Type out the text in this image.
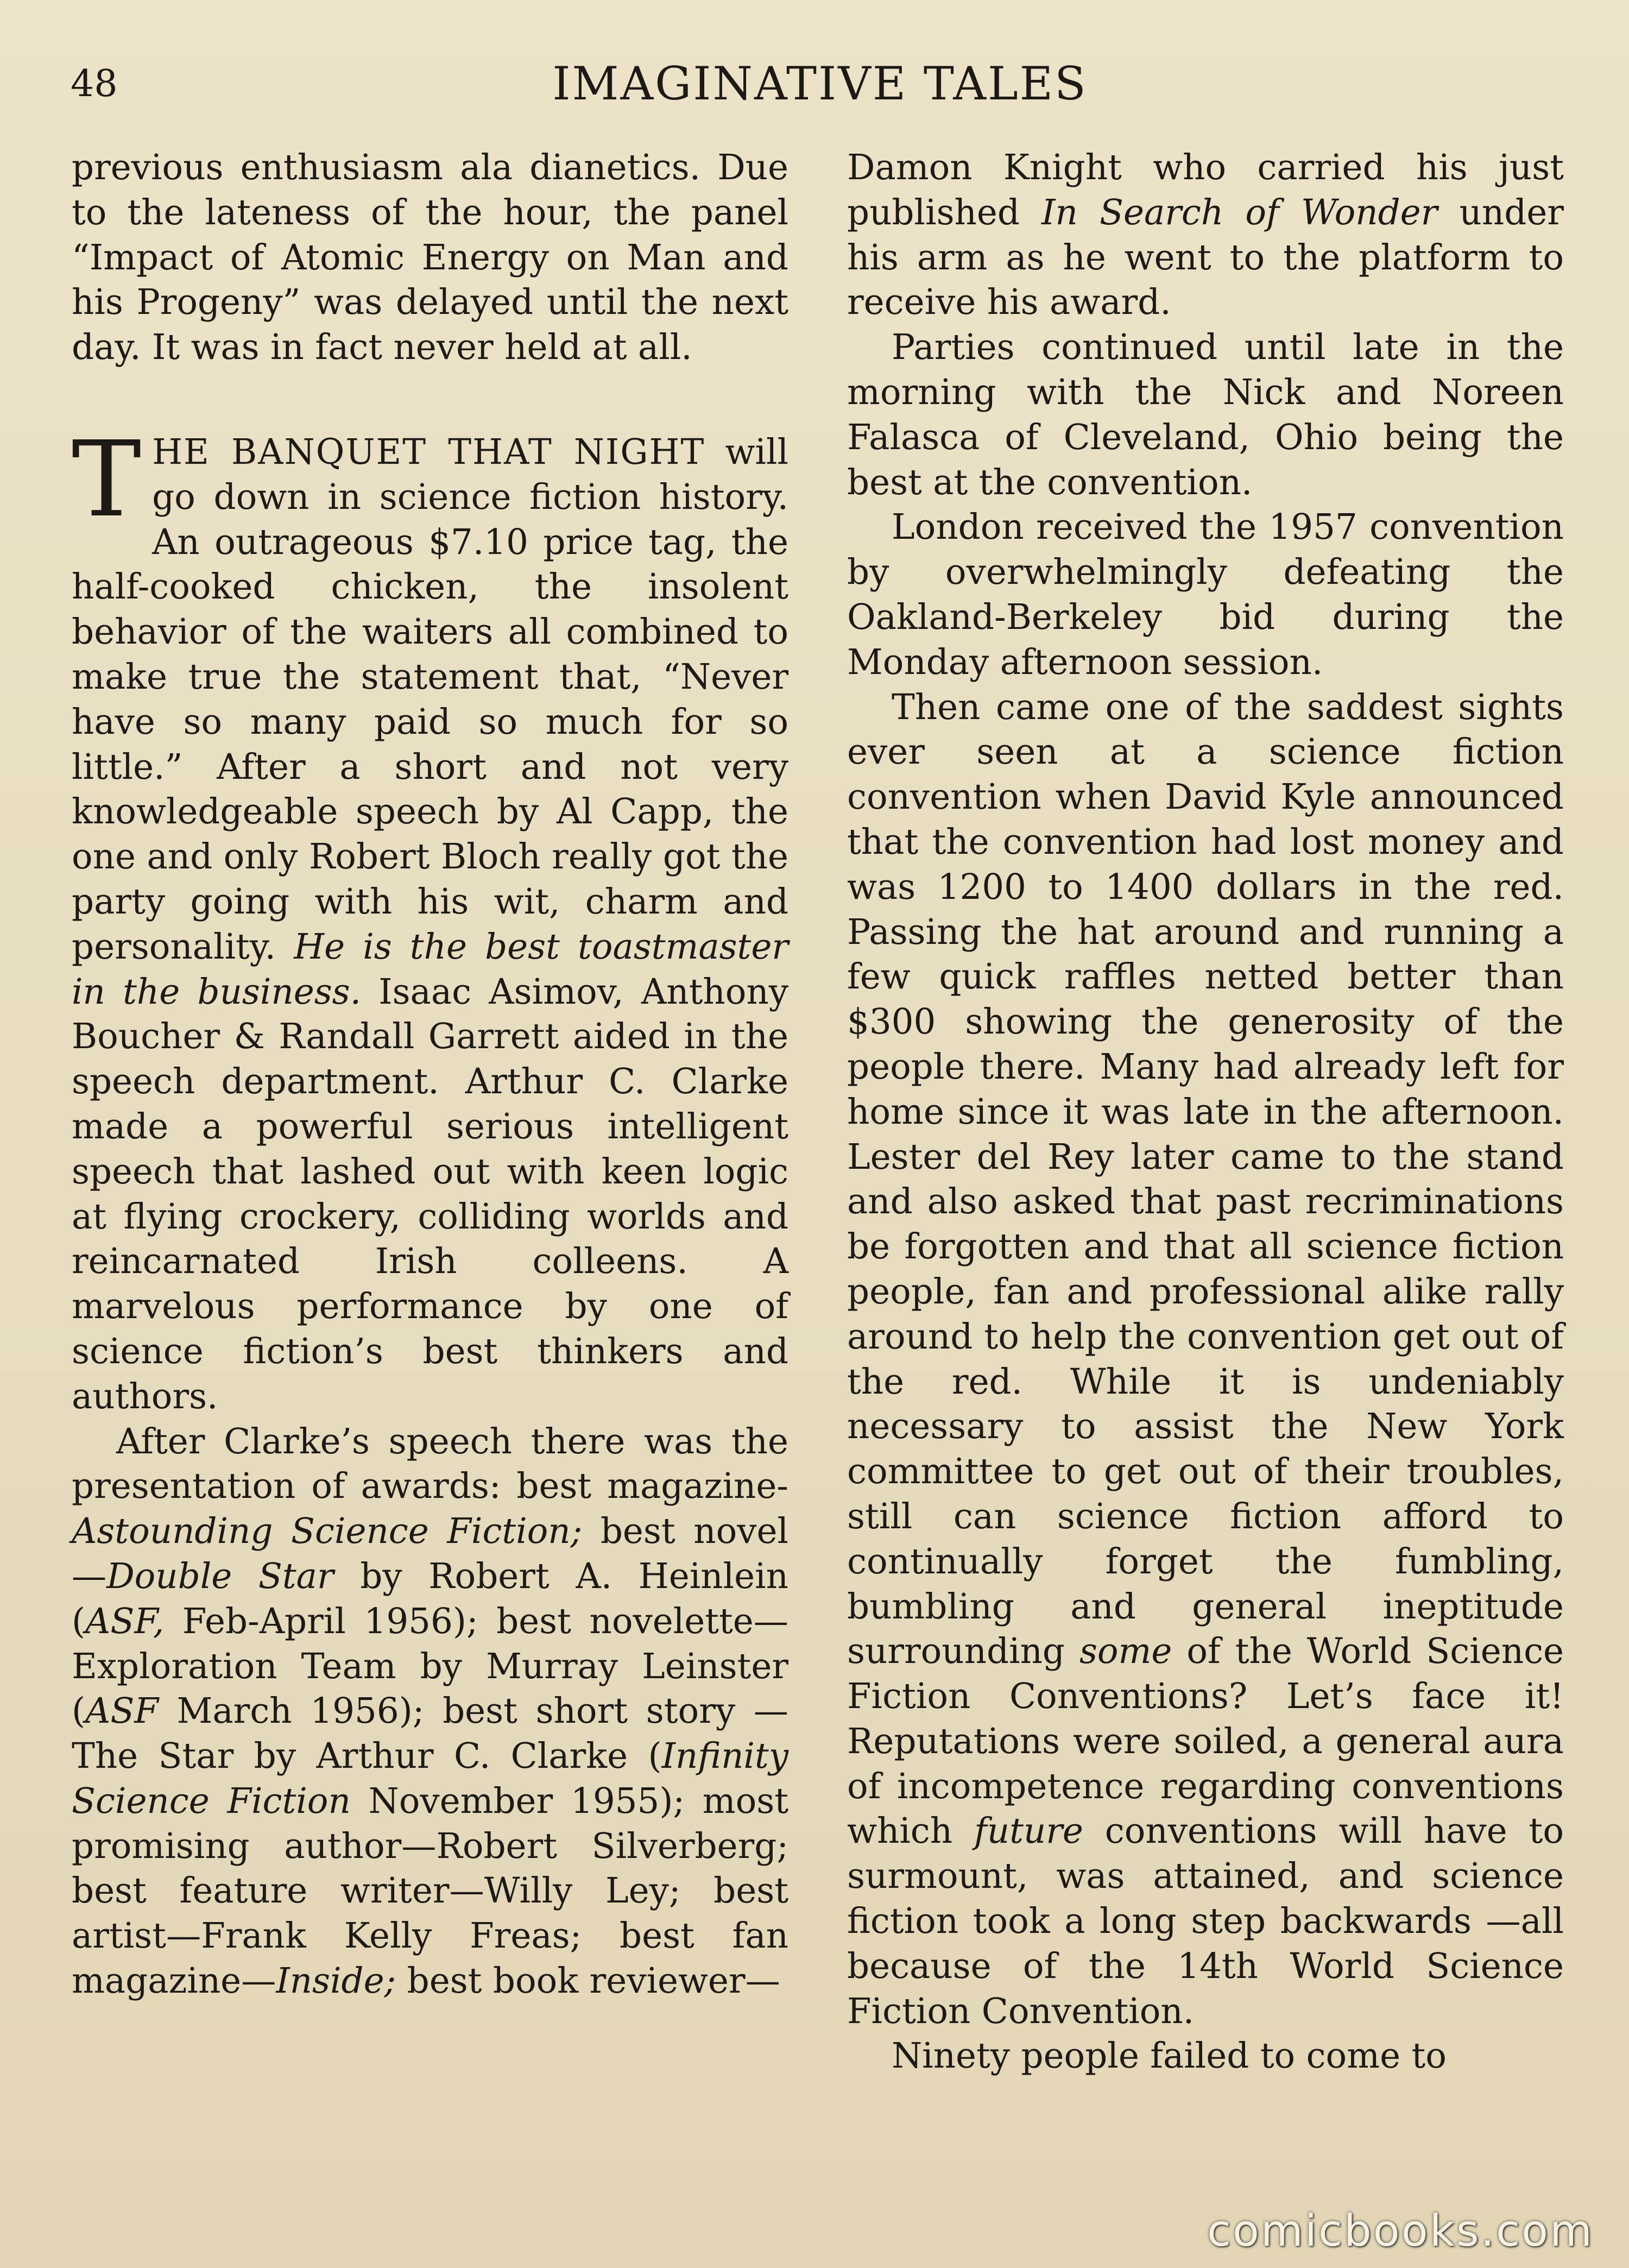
48	IMAGINATIVE TALES

previous enthusiasm ala dianetics. Due to the lateness of the hour, the panel “Impact of Atomic Energy on Man and his Progeny” was delayed until the next day. It was in fact never held at all.

THE BANQUET THAT NIGHT will go down in science fiction history. An outrageous $7.10 price tag, the half-cooked chicken, the insolent behavior of the waiters all combined to make true the statement that, “Never have so many paid so much for so little.” After a short and not very knowledgeable speech by Al Capp, the one and only Robert Bloch really got the party going with his wit, charm and personality. He is the best toastmaster in the business. Isaac Asimov, Anthony Boucher & Randall Garrett aided in the speech department. Arthur C. Clarke made a powerful serious intelligent speech that lashed out with keen logic at flying crockery, colliding worlds and reincarnated Irish colleens. A marvelous performance by one of science fiction’s best thinkers and authors.

After Clarke’s speech there was the presentation of awards: best magazine-Astounding Science Fiction; best novel—Double Star by Robert A. Heinlein (ASF, Feb-April 1956); best novelette—Exploration Team by Murray Leinster (ASF March 1956); best short story —The Star by Arthur C. Clarke (Infinity Science Fiction November 1955); most promising author—Robert Silverberg; best feature writer—Willy Ley; best artist—Frank Kelly Freas; best fan magazine—Inside; best book reviewer—

Damon Knight who carried his just published In Search of Wonder under his arm as he went to the platform to receive his award.

Parties continued until late in the morning with the Nick and Noreen Falasca of Cleveland, Ohio being the best at the convention.

London received the 1957 convention by overwhelmingly defeating the Oakland-Berkeley bid during the Monday afternoon session.

Then came one of the saddest sights ever seen at a science fiction convention when David Kyle announced that the convention had lost money and was 1200 to 1400 dollars in the red. Passing the hat around and running a few quick raffles netted better than $300 showing the generosity of the people there. Many had already left for home since it was late in the afternoon. Lester del Rey later came to the stand and also asked that past recriminations be forgotten and that all science fiction people, fan and professional alike rally around to help the convention get out of the red. While it is undeniably necessary to assist the New York committee to get out of their troubles, still can science fiction afford to continually forget the fumbling, bumbling and general ineptitude surrounding some of the World Science Fiction Conventions? Let’s face it! Reputations were soiled, a general aura of incompetence regarding conventions which future conventions will have to surmount, was attained, and science fiction took a long step backwards —all because of the 14th World Science Fiction Convention.

Ninety people failed to come to

comicbooks.com
